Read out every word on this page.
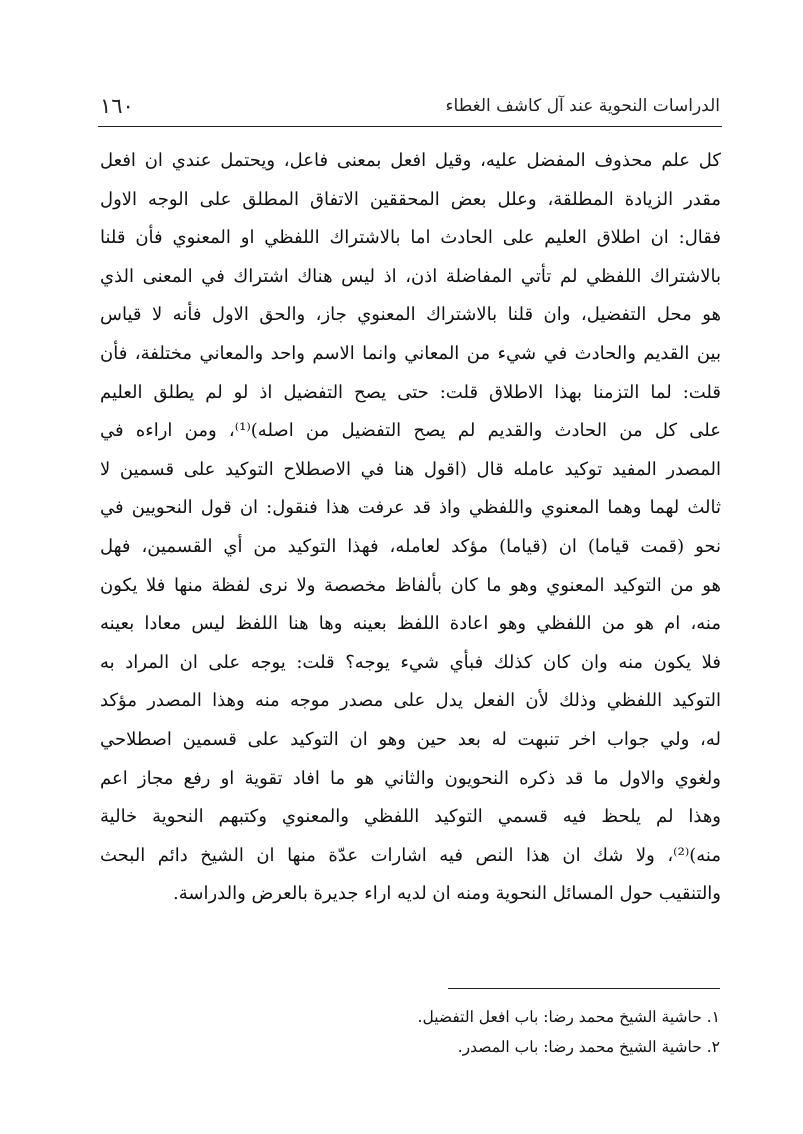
الدراسات النحوية عند آل كاشف الغطاء
١٦٠
كل علم محذوف المفضل عليه، وقيل افعل بمعنى فاعل، ويحتمل عندي ان افعل
مقدر الزيادة المطلقة، وعلل بعض المحققين الاتفاق المطلق على الوجه الاول
فقال: ان اطلاق العليم على الحادث اما بالاشتراك اللفظي او المعنوي فأن قلنا
بالاشتراك اللفظي لم تأتي المفاضلة اذن، اذ ليس هناك اشتراك في المعنى الذي
هو محل التفضيل، وان قلنا بالاشتراك المعنوي جاز، والحق الاول فأنه لا قياس
بين القديم والحادث في شيء من المعاني وانما الاسم واحد والمعاني مختلفة، فأن
قلت: لما التزمنا بهذا الاطلاق قلت: حتى يصح التفضيل اذ لو لم يطلق العليم
على كل من الحادث والقديم لم يصح التفضيل من اصله)⁽¹⁾، ومن اراءه في
المصدر المفيد توكيد عامله قال (اقول هنا في الاصطلاح التوكيد على قسمين لا
ثالث لهما وهما المعنوي واللفظي واذ قد عرفت هذا فنقول: ان قول النحويين في
نحو (قمت قياما) ان (قياما) مؤكد لعامله، فهذا التوكيد من أي القسمين، فهل
هو من التوكيد المعنوي وهو ما كان بألفاظ مخصصة ولا نرى لفظة منها فلا يكون
منه، ام هو من اللفظي وهو اعادة اللفظ بعينه وها هنا اللفظ ليس معادا بعينه
فلا يكون منه وان كان كذلك فبأي شيء يوجه؟ قلت: يوجه على ان المراد به
التوكيد اللفظي وذلك لأن الفعل يدل على مصدر موجه منه وهذا المصدر مؤكد
له، ولي جواب اخر تنبهت له بعد حين وهو ان التوكيد على قسمين اصطلاحي
ولغوي والاول ما قد ذكره النحويون والثاني هو ما افاد تقوية او رفع مجاز اعم
وهذا لم يلحظ فيه قسمي التوكيد اللفظي والمعنوي وكتبهم النحوية خالية
منه)⁽²⁾، ولا شك ان هذا النص فيه اشارات عدّة منها ان الشيخ دائم البحث
والتنقيب حول المسائل النحوية ومنه ان لديه اراء جديرة بالعرض والدراسة.
١. حاشية الشيخ محمد رضا: باب افعل التفضيل.
٢. حاشية الشيخ محمد رضا: باب المصدر.
